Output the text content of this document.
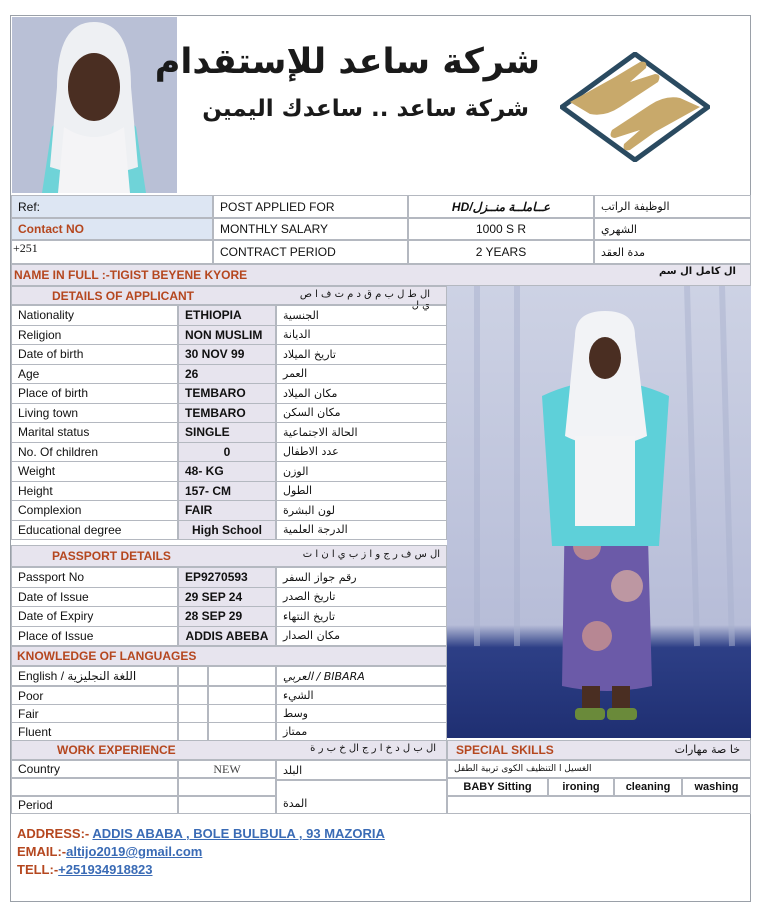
شركة ساعد للإستقدام
شركة ساعد .. ساعدك اليمين
Ref:	POST APPLIED FOR	HD/عــاملــة منــزل	الوظيفة الراتب
Contact NO	MONTHLY SALARY	1000 S R	الشهري
+251	CONTRACT PERIOD	2 YEARS	مدة العقد
NAME IN FULL :-TIGIST BEYENE KYORE	ال كامل ال سم
DETAILS OF APPLICANT	ال ط ل ب م ق د م ت ف ا ص ي ل
Nationality	ETHIOPIA	الجنسية
Religion	NON MUSLIM	الديانة
Date of birth	30 NOV 99	تاريخ الميلاد
Age	26	العمر
Place of birth	TEMBARO	مكان الميلاد
Living town	TEMBARO	مكان السكن
Marital status	SINGLE	الحالة الاجتماعية
No. Of children	0	عدد الاطفال
Weight	48- KG	الوزن
Height	157- CM	الطول
Complexion	FAIR	لون البشرة
Educational degree	High School	الدرجة العلمية
PASSPORT DETAILS	ال س ف ر ج و ا ز ب ي ا ن ا ت
Passport No	EP9270593	رقم جواز السفر
Date of Issue	29 SEP 24	تاريخ الصدر
Date of Expiry	28 SEP 29	تاريخ النتهاء
Place of Issue	ADDIS ABEBA	مكان الصدار
KNOWLEDGE OF LANGUAGES
English / اللغة النجليزية	BIBARA / العربي
Poor	الشيء
Fair	وسط
Fluent	ممتاز
WORK EXPERIENCE	ال ب ل د خ ا ر ج ال خ ب ر ة
Country	NEW	البلد
Period	المدة
SPECIAL SKILLS	خا صة مهارات
الغسيل ا التنظيف الكوى تربية الطفل
BABY Sitting	ironing	cleaning	washing
ADDRESS:- ADDIS ABABA , BOLE BULBULA , 93 MAZORIA
EMAIL:-altijo2019@gmail.com
TELL:-+251934918823
